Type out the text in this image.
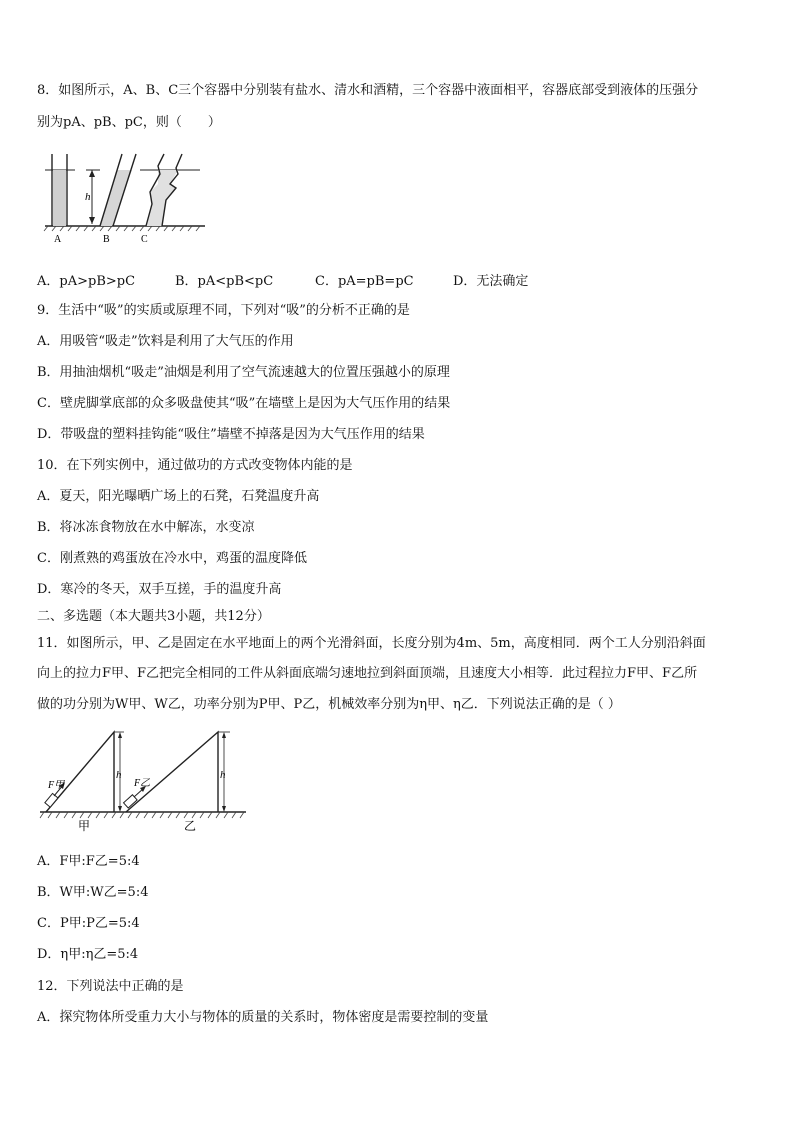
8．如图所示，A、B、C三个容器中分别装有盐水、清水和酒精，三个容器中液面相平，容器底部受到液体的压强分
别为pA、pB、pC，则（　　）
h
A	B	C
A．pA>pB>pC	B．pA<pB<pC	C．pA=pB=pC	D．无法确定
9．生活中“吸”的实质或原理不同，下列对“吸”的分析不正确的是
A．用吸管“吸走”饮料是利用了大气压的作用
B．用抽油烟机“吸走”油烟是利用了空气流速越大的位置压强越小的原理
C．壁虎脚掌底部的众多吸盘使其“吸”在墙壁上是因为大气压作用的结果
D．带吸盘的塑料挂钩能“吸住”墙壁不掉落是因为大气压作用的结果
10．在下列实例中，通过做功的方式改变物体内能的是
A．夏天，阳光曝晒广场上的石凳，石凳温度升高
B．将冰冻食物放在水中解冻，水变凉
C．刚煮熟的鸡蛋放在冷水中，鸡蛋的温度降低
D．寒冷的冬天，双手互搓，手的温度升高
二、多选题（本大题共3小题，共12分）
11．如图所示，甲、乙是固定在水平地面上的两个光滑斜面，长度分别为4m、5m，高度相同．两个工人分别沿斜面
向上的拉力F甲、F乙把完全相同的工件从斜面底端匀速地拉到斜面顶端，且速度大小相等．此过程拉力F甲、F乙所
做的功分别为W甲、W乙，功率分别为P甲、P乙，机械效率分别为η甲、η乙．下列说法正确的是（ ）
h
F甲
h
F乙
甲	乙
A．F甲:F乙=5:4
B．W甲:W乙=5:4
C．P甲:P乙=5:4
D．η甲:η乙=5:4
12．下列说法中正确的是
A．探究物体所受重力大小与物体的质量的关系时，物体密度是需要控制的变量
